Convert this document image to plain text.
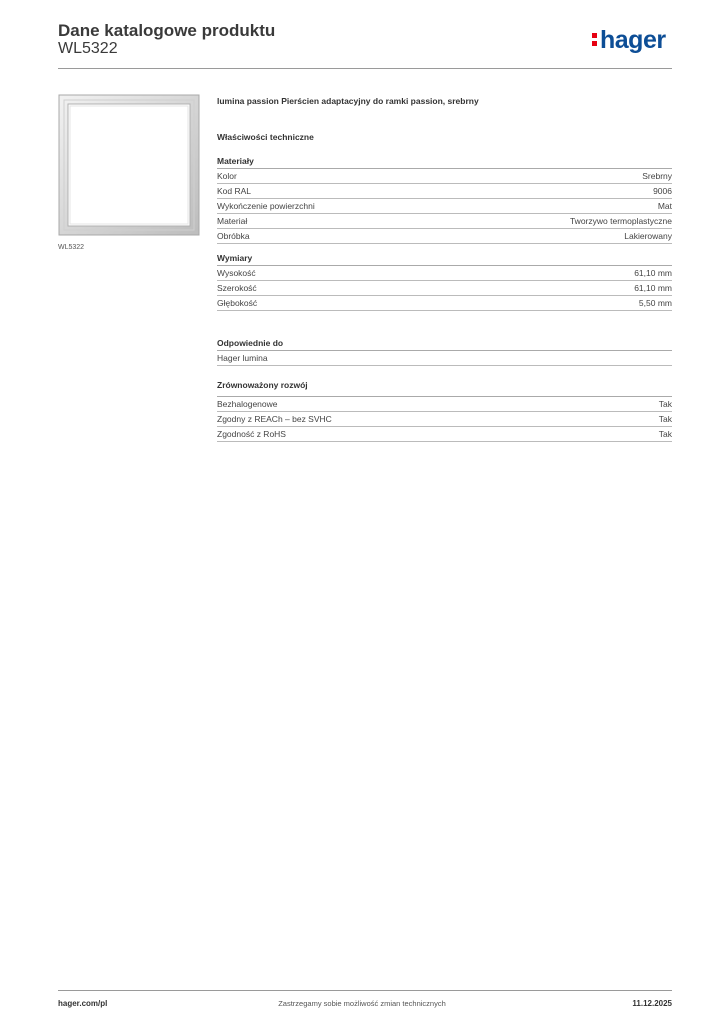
Dane katalogowe produktu
WL5322	hager
WL5322
lumina passion Pierścien adaptacyjny do ramki passion, srebrny
Właściwości techniczne
Materiały
Kolor	Srebrny
Kod RAL	9006
Wykończenie powierzchni	Mat
Materiał	Tworzywo termoplastyczne
Obróbka	Lakierowany
Wymiary
Wysokość	61,10 mm
Szerokość	61,10 mm
Głębokość	5,50 mm
Odpowiednie do
Hager lumina
Zrównoważony rozwój
Bezhalogenowe	Tak
Zgodny z REACh – bez SVHC	Tak
Zgodność z RoHS	Tak
hager.com/pl	Zastrzegamy sobie możliwość zmian technicznych	11.12.2025
